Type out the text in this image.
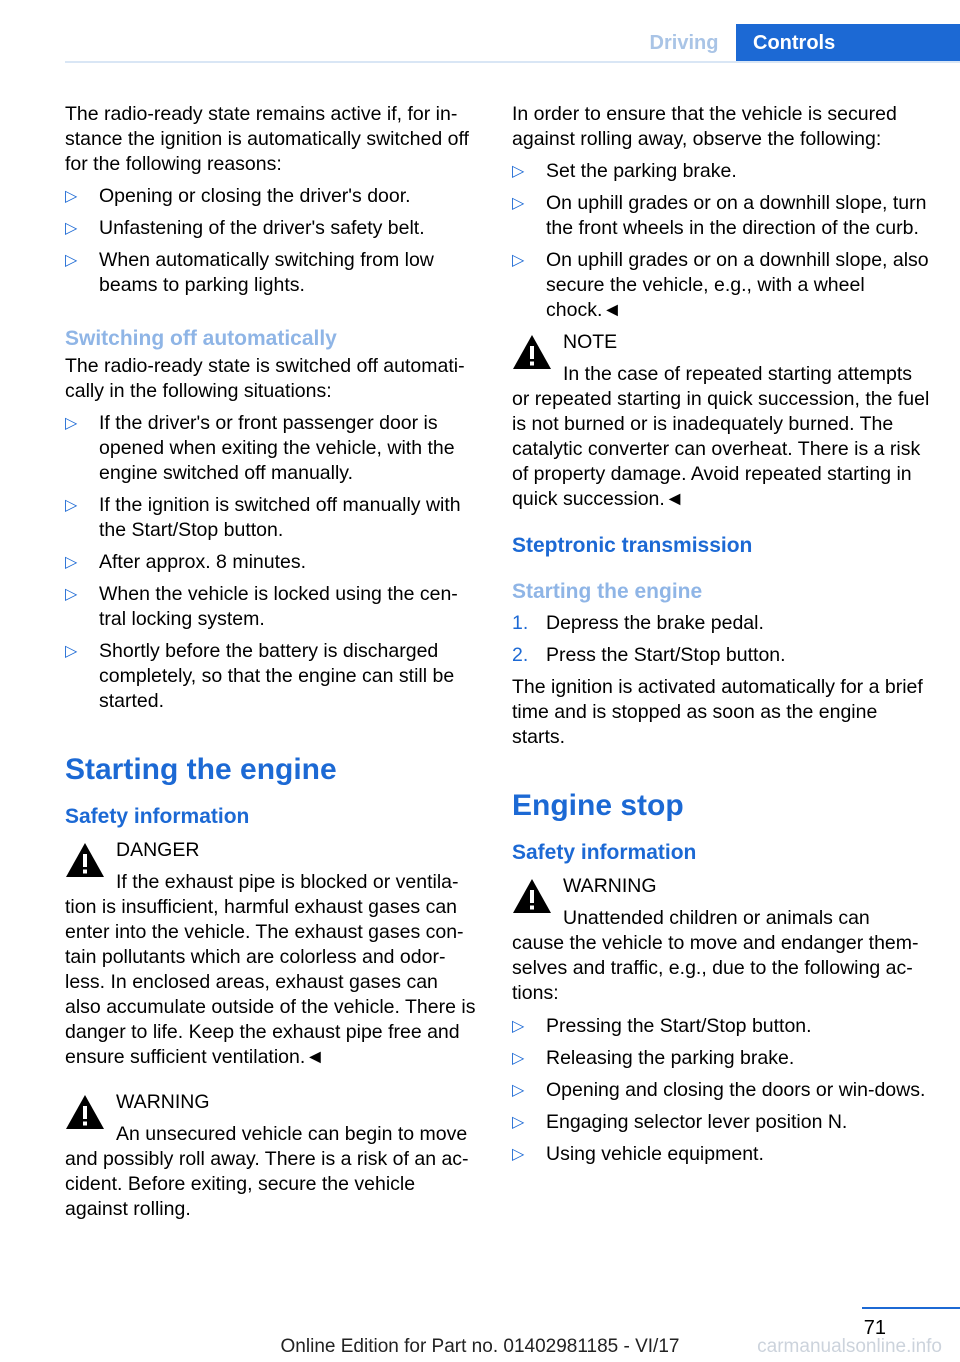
Driving	Controls

The radio-ready state remains active if, for in-stance the ignition is automatically switched off for the following reasons:

▷ Opening or closing the driver's door.
▷ Unfastening of the driver's safety belt.
▷ When automatically switching from low beams to parking lights.
Switching off automatically

The radio-ready state is switched off automati-cally in the following situations:

▷ If the driver's or front passenger door is opened when exiting the vehicle, with the engine switched off manually.
▷ If the ignition is switched off manually with the Start/Stop button.
▷ After approx. 8 minutes.
▷ When the vehicle is locked using the cen-tral locking system.
▷ Shortly before the battery is discharged completely, so that the engine can still be started.
Starting the engine
Safety information
DANGER
If the exhaust pipe is blocked or ventila-
tion is insufficient, harmful exhaust gases can enter into the vehicle. The exhaust gases con-tain pollutants which are colorless and odor-less. In enclosed areas, exhaust gases can also accumulate outside of the vehicle. There is danger to life. Keep the exhaust pipe free and ensure sufficient ventilation.◄
WARNING
An unsecured vehicle can begin to move
and possibly roll away. There is a risk of an ac-cident. Before exiting, secure the vehicle against rolling.

In order to ensure that the vehicle is secured against rolling away, observe the following:

▷ Set the parking brake.
▷ On uphill grades or on a downhill slope, turn the front wheels in the direction of the curb.
▷ On uphill grades or on a downhill slope, also secure the vehicle, e.g., with a wheel chock.◄
NOTE
In the case of repeated starting attempts
or repeated starting in quick succession, the fuel is not burned or is inadequately burned. The catalytic converter can overheat. There is a risk of property damage. Avoid repeated starting in quick succession.◄
Steptronic transmission
Starting the engine
1. Depress the brake pedal.
2. Press the Start/Stop button.

The ignition is activated automatically for a brief time and is stopped as soon as the engine starts.

Engine stop
Safety information
WARNING
Unattended children or animals can
cause the vehicle to move and endanger them-selves and traffic, e.g., due to the following ac-tions:
▷ Pressing the Start/Stop button.
▷ Releasing the parking brake.
▷ Opening and closing the doors or win-dows.
▷ Engaging selector lever position N.
▷ Using vehicle equipment.
71
Online Edition for Part no. 01402981185 - VI/17	carmanualsonline.info
